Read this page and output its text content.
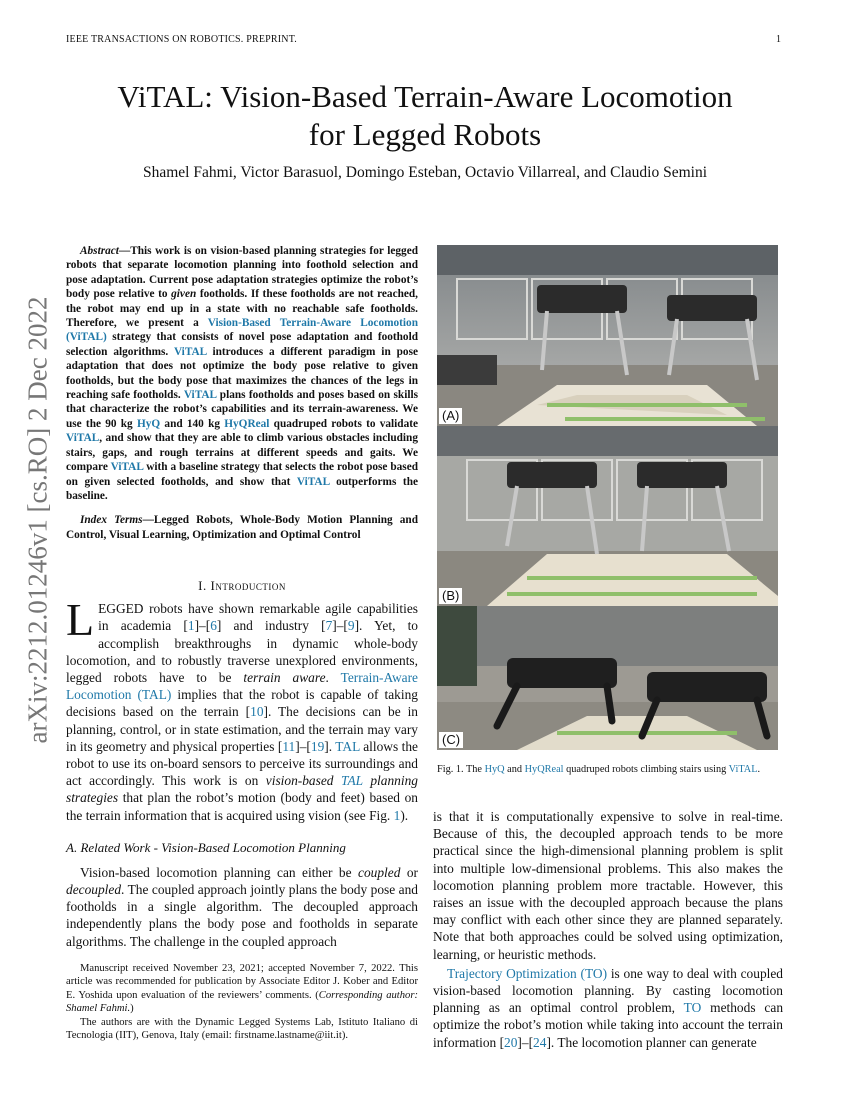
IEEE TRANSACTIONS ON ROBOTICS. PREPRINT.	1
ViTAL: Vision-Based Terrain-Aware Locomotion
for Legged Robots
Shamel Fahmi, Victor Barasuol, Domingo Esteban, Octavio Villarreal, and Claudio Semini
arXiv:2212.01246v1 [cs.RO] 2 Dec 2022

Abstract—This work is on vision-based planning strategies for legged robots that separate locomotion planning into foothold selection and pose adaptation. Current pose adaptation strategies optimize the robot’s body pose relative to given footholds. If these footholds are not reached, the robot may end up in a state with no reachable safe footholds. Therefore, we present a Vision-Based Terrain-Aware Locomotion (ViTAL) strategy that consists of novel pose adaptation and foothold selection algorithms. ViTAL introduces a different paradigm in pose adaptation that does not optimize the body pose relative to given footholds, but the body pose that maximizes the chances of the legs in reaching safe footholds. ViTAL plans footholds and poses based on skills that characterize the robot’s capabilities and its terrain-awareness. We use the 90 kg HyQ and 140 kg HyQReal quadruped robots to validate ViTAL, and show that they are able to climb various obstacles including stairs, gaps, and rough terrains at different speeds and gaits. We compare ViTAL with a baseline strategy that selects the robot pose based on given selected footholds, and show that ViTAL outperforms the baseline.

Index Terms—Legged Robots, Whole-Body Motion Planning and Control, Visual Learning, Optimization and Optimal Control

I. Introduction

LEGGED robots have shown remarkable agile capabilities in academia [1]–[6] and industry [7]–[9]. Yet, to accomplish breakthroughs in dynamic whole-body locomotion, and to robustly traverse unexplored environments, legged robots have to be terrain aware. Terrain-Aware Locomotion (TAL) implies that the robot is capable of taking decisions based on the terrain [10]. The decisions can be in planning, control, or in state estimation, and the terrain may vary in its geometry and physical properties [11]–[19]. TAL allows the robot to use its on-board sensors to perceive its surroundings and act accordingly. This work is on vision-based TAL planning strategies that plan the robot’s motion (body and feet) based on the terrain information that is acquired using vision (see Fig. 1).

A. Related Work - Vision-Based Locomotion Planning

Vision-based locomotion planning can either be coupled or decoupled. The coupled approach jointly plans the body pose and footholds in a single algorithm. The decoupled approach independently plans the body pose and footholds in separate algorithms. The challenge in the coupled approach

Manuscript received November 23, 2021; accepted November 7, 2022. This article was recommended for publication by Associate Editor J. Kober and Editor E. Yoshida upon evaluation of the reviewers’ comments. (Corresponding author: Shamel Fahmi.)

The authors are with the Dynamic Legged Systems Lab, Istituto Italiano di Tecnologia (IIT), Genova, Italy (email: firstname.lastname@iit.it).

(A)
(B)
(C)
Fig. 1. The HyQ and HyQReal quadruped robots climbing stairs using ViTAL.

is that it is computationally expensive to solve in real-time. Because of this, the decoupled approach tends to be more practical since the high-dimensional planning problem is split into multiple low-dimensional problems. This also makes the locomotion planning problem more tractable. However, this raises an issue with the decoupled approach because the plans may conflict with each other since they are planned separately. Note that both approaches could be solved using optimization, learning, or heuristic methods.

Trajectory Optimization (TO) is one way to deal with coupled vision-based locomotion planning. By casting locomotion planning as an optimal control problem, TO methods can optimize the robot’s motion while taking into account the terrain information [20]–[24]. The locomotion planner can generate
